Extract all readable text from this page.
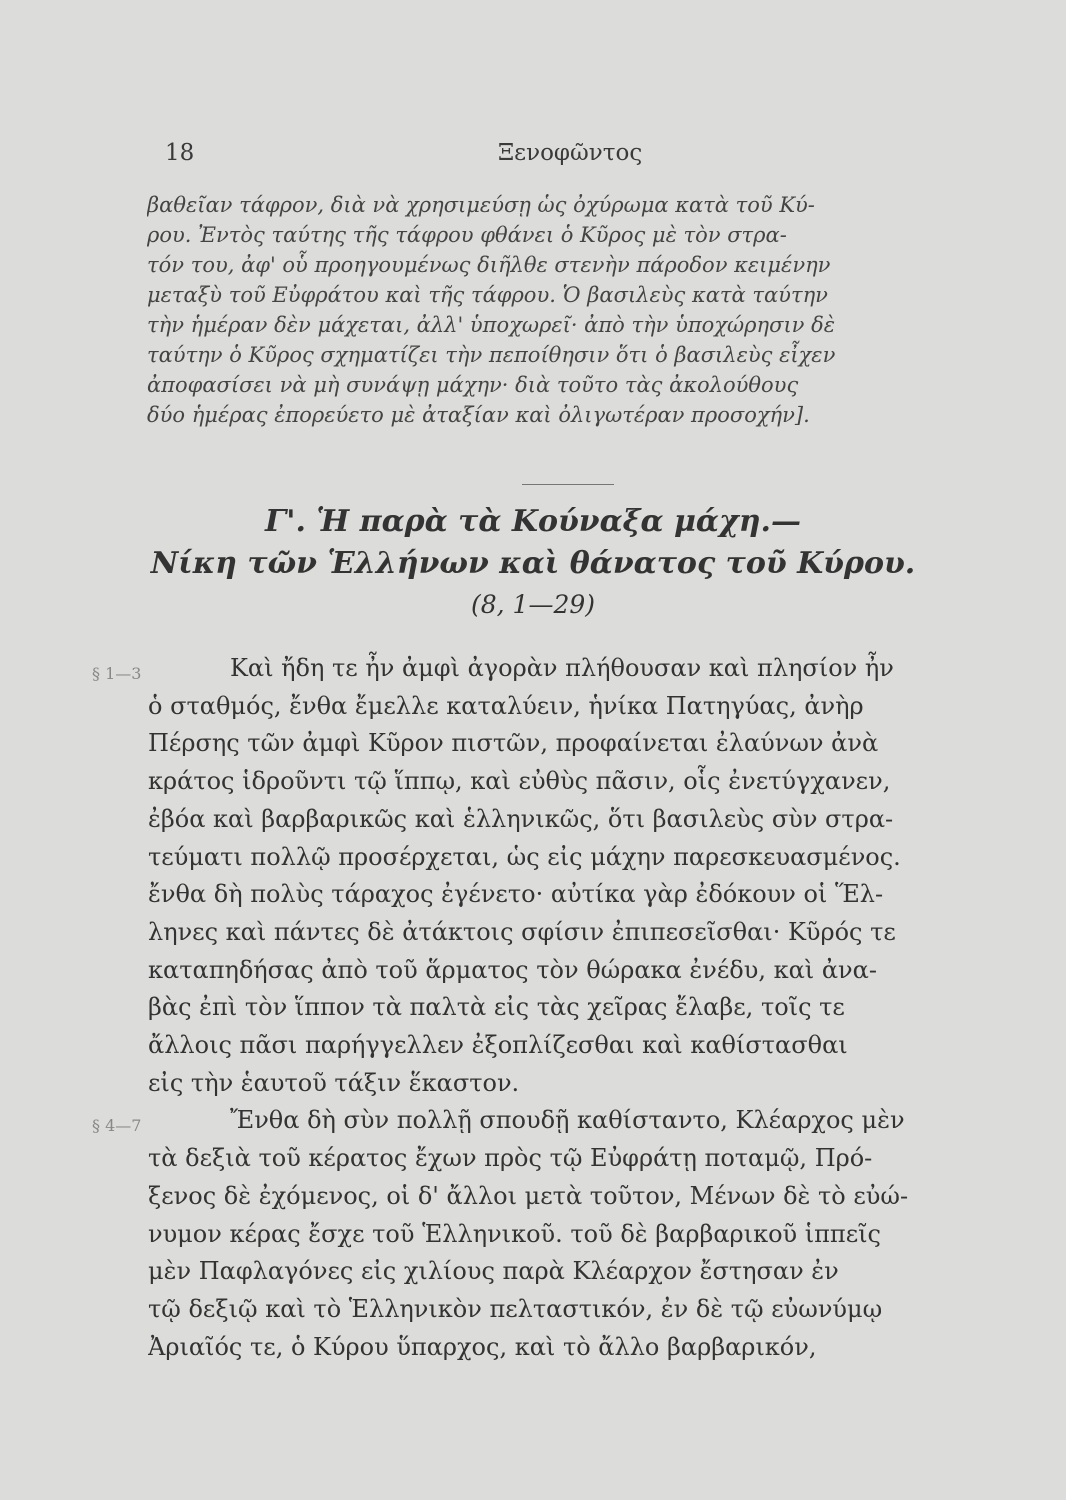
18	Ξενοφῶντος
βαθεῖαν τάφρον, διὰ νὰ χρησιμεύσῃ ὡς ὀχύρωμα κατὰ τοῦ Κύ-
ρου. Ἐντὸς ταύτης τῆς τάφρου φθάνει ὁ Κῦρος μὲ τὸν στρα-
τόν του, ἀφ' οὗ προηγουμένως διῆλθε στενὴν πάροδον κειμένην
μεταξὺ τοῦ Εὐφράτου καὶ τῆς τάφρου. Ὁ βασιλεὺς κατὰ ταύτην
τὴν ἡμέραν δὲν μάχεται, ἀλλ' ὑποχωρεῖ· ἀπὸ τὴν ὑποχώρησιν δὲ
ταύτην ὁ Κῦρος σχηματίζει τὴν πεποίθησιν ὅτι ὁ βασιλεὺς εἶχεν
ἀποφασίσει νὰ μὴ συνάψῃ μάχην· διὰ τοῦτο τὰς ἀκολούθους
δύο ἡμέρας ἐπορεύετο μὲ ἀταξίαν καὶ ὀλιγωτέραν προσοχήν].
Γ'. Ἡ παρὰ τὰ Κούναξα μάχη.—
Νίκη τῶν Ἑλλήνων καὶ θάνατος τοῦ Κύρου.
(8, 1—29)
§ 1—3
§ 4—7
Καὶ ἤδη τε ἦν ἀμφὶ ἀγορὰν πλήθουσαν καὶ πλησίον ἦν
ὁ σταθμός, ἔνθα ἔμελλε καταλύειν, ἡνίκα Πατηγύας, ἀνὴρ
Πέρσης τῶν ἀμφὶ Κῦρον πιστῶν, προφαίνεται ἐλαύνων ἀνὰ
κράτος ἱδροῦντι τῷ ἵππῳ, καὶ εὐθὺς πᾶσιν, οἷς ἐνετύγχανεν,
ἐβόα καὶ βαρβαρικῶς καὶ ἑλληνικῶς, ὅτι βασιλεὺς σὺν στρα-
τεύματι πολλῷ προσέρχεται, ὡς εἰς μάχην παρεσκευασμένος.
ἔνθα δὴ πολὺς τάραχος ἐγένετο· αὐτίκα γὰρ ἐδόκουν οἱ Ἕλ-
ληνες καὶ πάντες δὲ ἀτάκτοις σφίσιν ἐπιπεσεῖσθαι· Κῦρός τε
καταπηδήσας ἀπὸ τοῦ ἅρματος τὸν θώρακα ἐνέδυ, καὶ ἀνα-
βὰς ἐπὶ τὸν ἵππον τὰ παλτὰ εἰς τὰς χεῖρας ἔλαβε, τοῖς τε
ἄλλοις πᾶσι παρήγγελλεν ἐξοπλίζεσθαι καὶ καθίστασθαι
εἰς τὴν ἑαυτοῦ τάξιν ἕκαστον.
Ἔνθα δὴ σὺν πολλῇ σπουδῇ καθίσταντο, Κλέαρχος μὲν
τὰ δεξιὰ τοῦ κέρατος ἔχων πρὸς τῷ Εὐφράτῃ ποταμῷ, Πρό-
ξενος δὲ ἐχόμενος, οἱ δ' ἄλλοι μετὰ τοῦτον, Μένων δὲ τὸ εὐώ-
νυμον κέρας ἔσχε τοῦ Ἑλληνικοῦ. τοῦ δὲ βαρβαρικοῦ ἱππεῖς
μὲν Παφλαγόνες εἰς χιλίους παρὰ Κλέαρχον ἔστησαν ἐν
τῷ δεξιῷ καὶ τὸ Ἑλληνικὸν πελταστικόν, ἐν δὲ τῷ εὐωνύμῳ
Ἀριαῖός τε, ὁ Κύρου ὕπαρχος, καὶ τὸ ἄλλο βαρβαρικόν,
